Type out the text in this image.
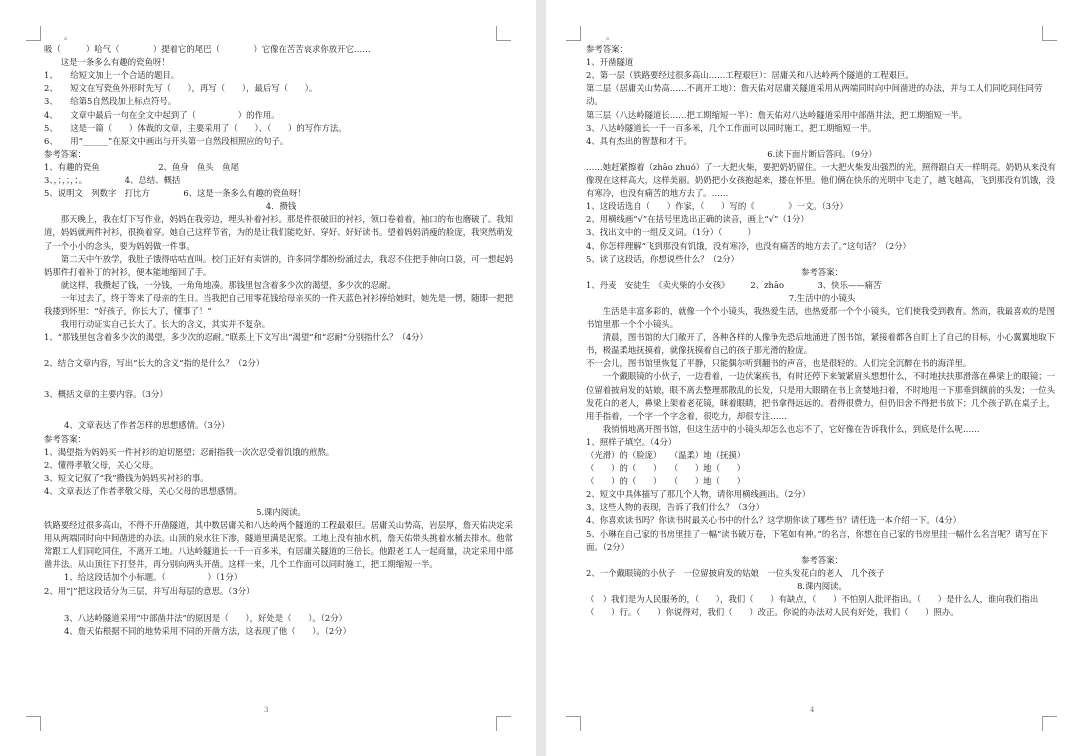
。
吸（　　　）哈气（　　　　）提着它的尾巴（　　　　）它像在苦苦哀求你放开它……
　　这是一条多么有趣的瓷鱼呀！
1、　　给短文加上一个合适的题目。
2、　　短文在写瓷鱼外形时先写（　　），再写（　　），最后写（　　）。
3、　　给第5自然段加上标点符号。
4、　　文章中最后一句在全文中起到了（　　　　　）的作用。
5、　　这是一篇（　　）体裁的文章，主要采用了（　　）、（　　）的写作方法。
6、　　用“______”在原文中画出与开头第一自然段相照应的句子。
参考答案：
1、有趣的瓷鱼　　　　　　　2、鱼身　鱼头　鱼尾
3、，；，；，；。　　　　　4、总结、概括
5、说明文　列数字　打比方　　　　6、这是一条多么有趣的瓷鱼呀！
4．攒钱
　　那天晚上，我在灯下写作业，妈妈在我旁边，埋头补着衬衫。那是件很破旧的衬衫，领口卷着着，袖口的布也磨破了。我知道，妈妈就两件衬衫，很换着穿。她自己这样节省，为的是让我们能吃好、穿好、好好读书。望着妈妈消瘦的脸庞，我突然萌发了一个小小的念头，要为妈妈做一件事。
　　第二天中午放学，我肚子饿得咕咕直叫。校门正好有卖饼的，许多同学都纷纷涌过去，我忍不住把手伸向口袋，可一想起妈妈那件打着补丁的衬衫，便本能地缩回了手。
　　就这样，我攒起了钱，一分钱，一角角地凑。那钱里包含着多少次的渴望，多少次的忍耐。
　　一年过去了，终于等来了母亲的生日。当我把自己用零花钱给母亲买的一件天蓝色衬衫捧给她时，她先是一愣，随即一把把我搂到怀里：“好孩子，你长大了，懂事了！”
　　我用行动证实自己长大了。长大的含义，其实并不复杂。
1、“那钱里包含着多少次的渴望，多少次的忍耐。”联系上下文写出“渴望”和“忍耐”分别指什么？（4分）
2、结合文章内容，写出“长大的含义”指的是什么？（2分）
3、概括文章的主要内容。（3分）
4、文章表达了作者怎样的思想感情。（3分）
参考答案：
1、渴望指为妈妈买一件衬衫的迫切愿望；忍耐指我一次次忍受着饥饿的煎熬。
2、懂得孝敬父母，关心父母。
3、短文记叙了“我”攒钱为妈妈买衬衫的事。
4、文章表达了作者孝敬父母，关心父母的思想感情。
5.课内阅读。
铁路要经过很多高山，不得不开凿隧道，其中数居庸关和八达岭两个隧道的工程最艰巨。居庸关山势高，岩层厚，詹天佑决定采用从两端同时向中间凿进的办法。山顶的泉水往下渗，隧道里满是泥浆。工地上没有抽水机，詹天佑带头挑着水桶去排水。他常常跟工人们同吃同住，不离开工地。八达岭隧道长一千一百多米，有居庸关隧道的三倍长。他跟老工人一起商量，决定采用中部凿井法。从山顶往下打竖井，再分别向两头开凿。这样一来，几个工作面可以同时施工，把工期缩短一半。
1、给这段话加个小标题。（　　　　　）（1分）
2、用“|”把这段话分为三层，并写出每层的意思。（3分）
3、八达岭隧道采用“中部凿井法”的原因是（　　），好处是（　　）。（2分）
4、詹天佑根据不同的地势采用不同的开凿方法，这表现了他（　　）。（2分）
3
。
参考答案：
1、开凿隧道
2、第一层（铁路要经过很多高山……工程艰巨）：居庸关和八达岭两个隧道的工程艰巨。
第二层（居庸关山势高……不离开工地）：詹天佑对居庸关隧道采用从两端同时向中间凿进的办法，并与工人们同吃同住同劳动。
第三层（八达岭隧道长……把工期缩短一半）：詹天佑对八达岭隧道采用中部凿井法，把工期缩短一半。
3、八达岭隧道长一千一百多米，几个工作面可以同时施工，把工期缩短一半。
4、具有杰出的智慧和才干。
6.读下面片断后答问。（9分）
……她赶紧擦着（zhāo zhuó）了一大把火柴，要把奶奶留住。一大把火柴发出强烈的光，照得跟白天一样明亮。奶奶从来没有像现在这样高大，这样美丽。奶奶把小女孩抱起来，搂在怀里。他们俩在快乐的光明中飞走了，越飞越高，飞到那没有饥饿，没有寒冷，也没有痛苦的地方去了。……
1、这段话选自（　　）作家，（　　）写的《　　　　》一文。（3分）
2、用横线画“√”在括号里选出正确的读音，画上“√”（1分）
3、找出文中的一组反义词。（1分）（　　　）
4、你怎样理解“飞到那没有饥饿，没有寒冷，也没有痛苦的地方去了。”这句话？（2分）
5、读了这段话，你想说些什么？（2分）
参考答案：
1、丹麦　安徒生　《卖火柴的小女孩》　　　2、zhāo　　　　3、快乐——痛苦
7.生活中的小镜头
　　生活是丰富多彩的，就像一个个小镜头，我热爱生活，也热爱那一个个小镜头，它们使我受到教育。然而，我最喜欢的是图书馆里那一个个小镜头。
　　清晨，图书馆的大门敞开了，各种各样的人像争先恐后地涌进了图书馆，紧接着都各自盯上了自己的目标，小心翼翼地取下书，极温柔地抚摸着，就像抚摸着自己的孩子那光滑的脸庞。
不一会儿，图书馆里恢复了平静，只能偶尔听到翻书的声音，也是很轻的。人们完全沉醉在书的海洋里。
　　一个戴眼镜的小伙子，一边看着，一边伏案疾书，有时还停下来皱紧眉头想想什么，不时地扶扶那滑落在鼻梁上的眼镜；一位留着披肩发的姑娘，眼不离去整理那散乱的长发，只是用大眼睛在书上贪婪地扫着，不时地甩一下那垂到额前的头发；一位头发花白的老人，鼻梁上架着老花镜，眯着眼睛，把书拿得远远的。看得很费力，但仍旧舍不得把书放下；几个孩子趴在桌子上，用手指着，一个字一个字念着，很吃力，却很专注……
　　我悄悄地离开图书馆，但这生活中的小镜头却怎么也忘不了，它好像在告诉我什么，到底是什么呢……
1、照样子填空。（4分）
（光滑）的（脸庞）　　（温柔）地（抚摸）
（　　）的（　　）　　（　　）地（　　）
（　　）的（　　）　　（　　）地（　　）
2、短文中具体描写了那几个人物，请你用横线画出。（2分）
3、这些人物的表现，告诉了我们什么？（3分）
4、你喜欢读书吗？你读书时最关心书中的什么？这学期你读了哪些书？请任选一本介绍一下。（4分）
5、小琳在自己家的书房里挂了一幅“读书破万卷，下笔如有神。”的名言，你想在自己家的书房里挂一幅什么名言呢？请写在下面。（2分）
参考答案：
2、一个戴眼镜的小伙子　一位留披肩发的姑娘　一位头发花白的老人　几个孩子
8.课内阅读。
（　）我们是为人民服务的，（　　），我们（　　）有缺点，（　　）不怕别人批评指出。（　　）是什么人，谁向我们指出（　　）行。（　　）你说得对，我们（　　）改正。你说的办法对人民有好处，我们（　　）照办。
4
